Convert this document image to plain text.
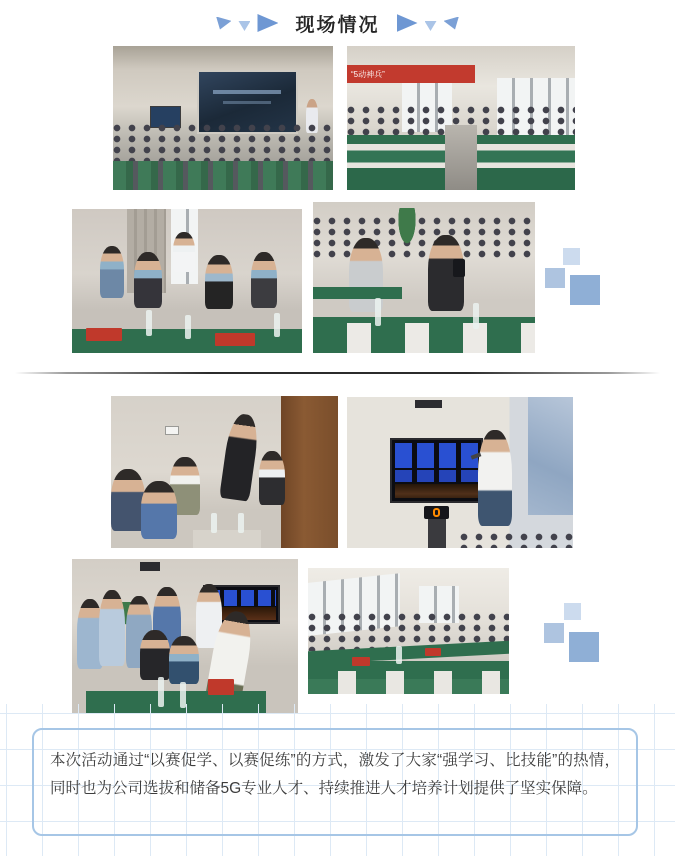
现场情况
“5动神兵”

本次活动通过“以赛促学、以赛促练”的方式，激发了大家“强学习、比技能”的热情，同时也为公司选拔和储备5G专业人才、持续推进人才培养计划提供了坚实保障。
